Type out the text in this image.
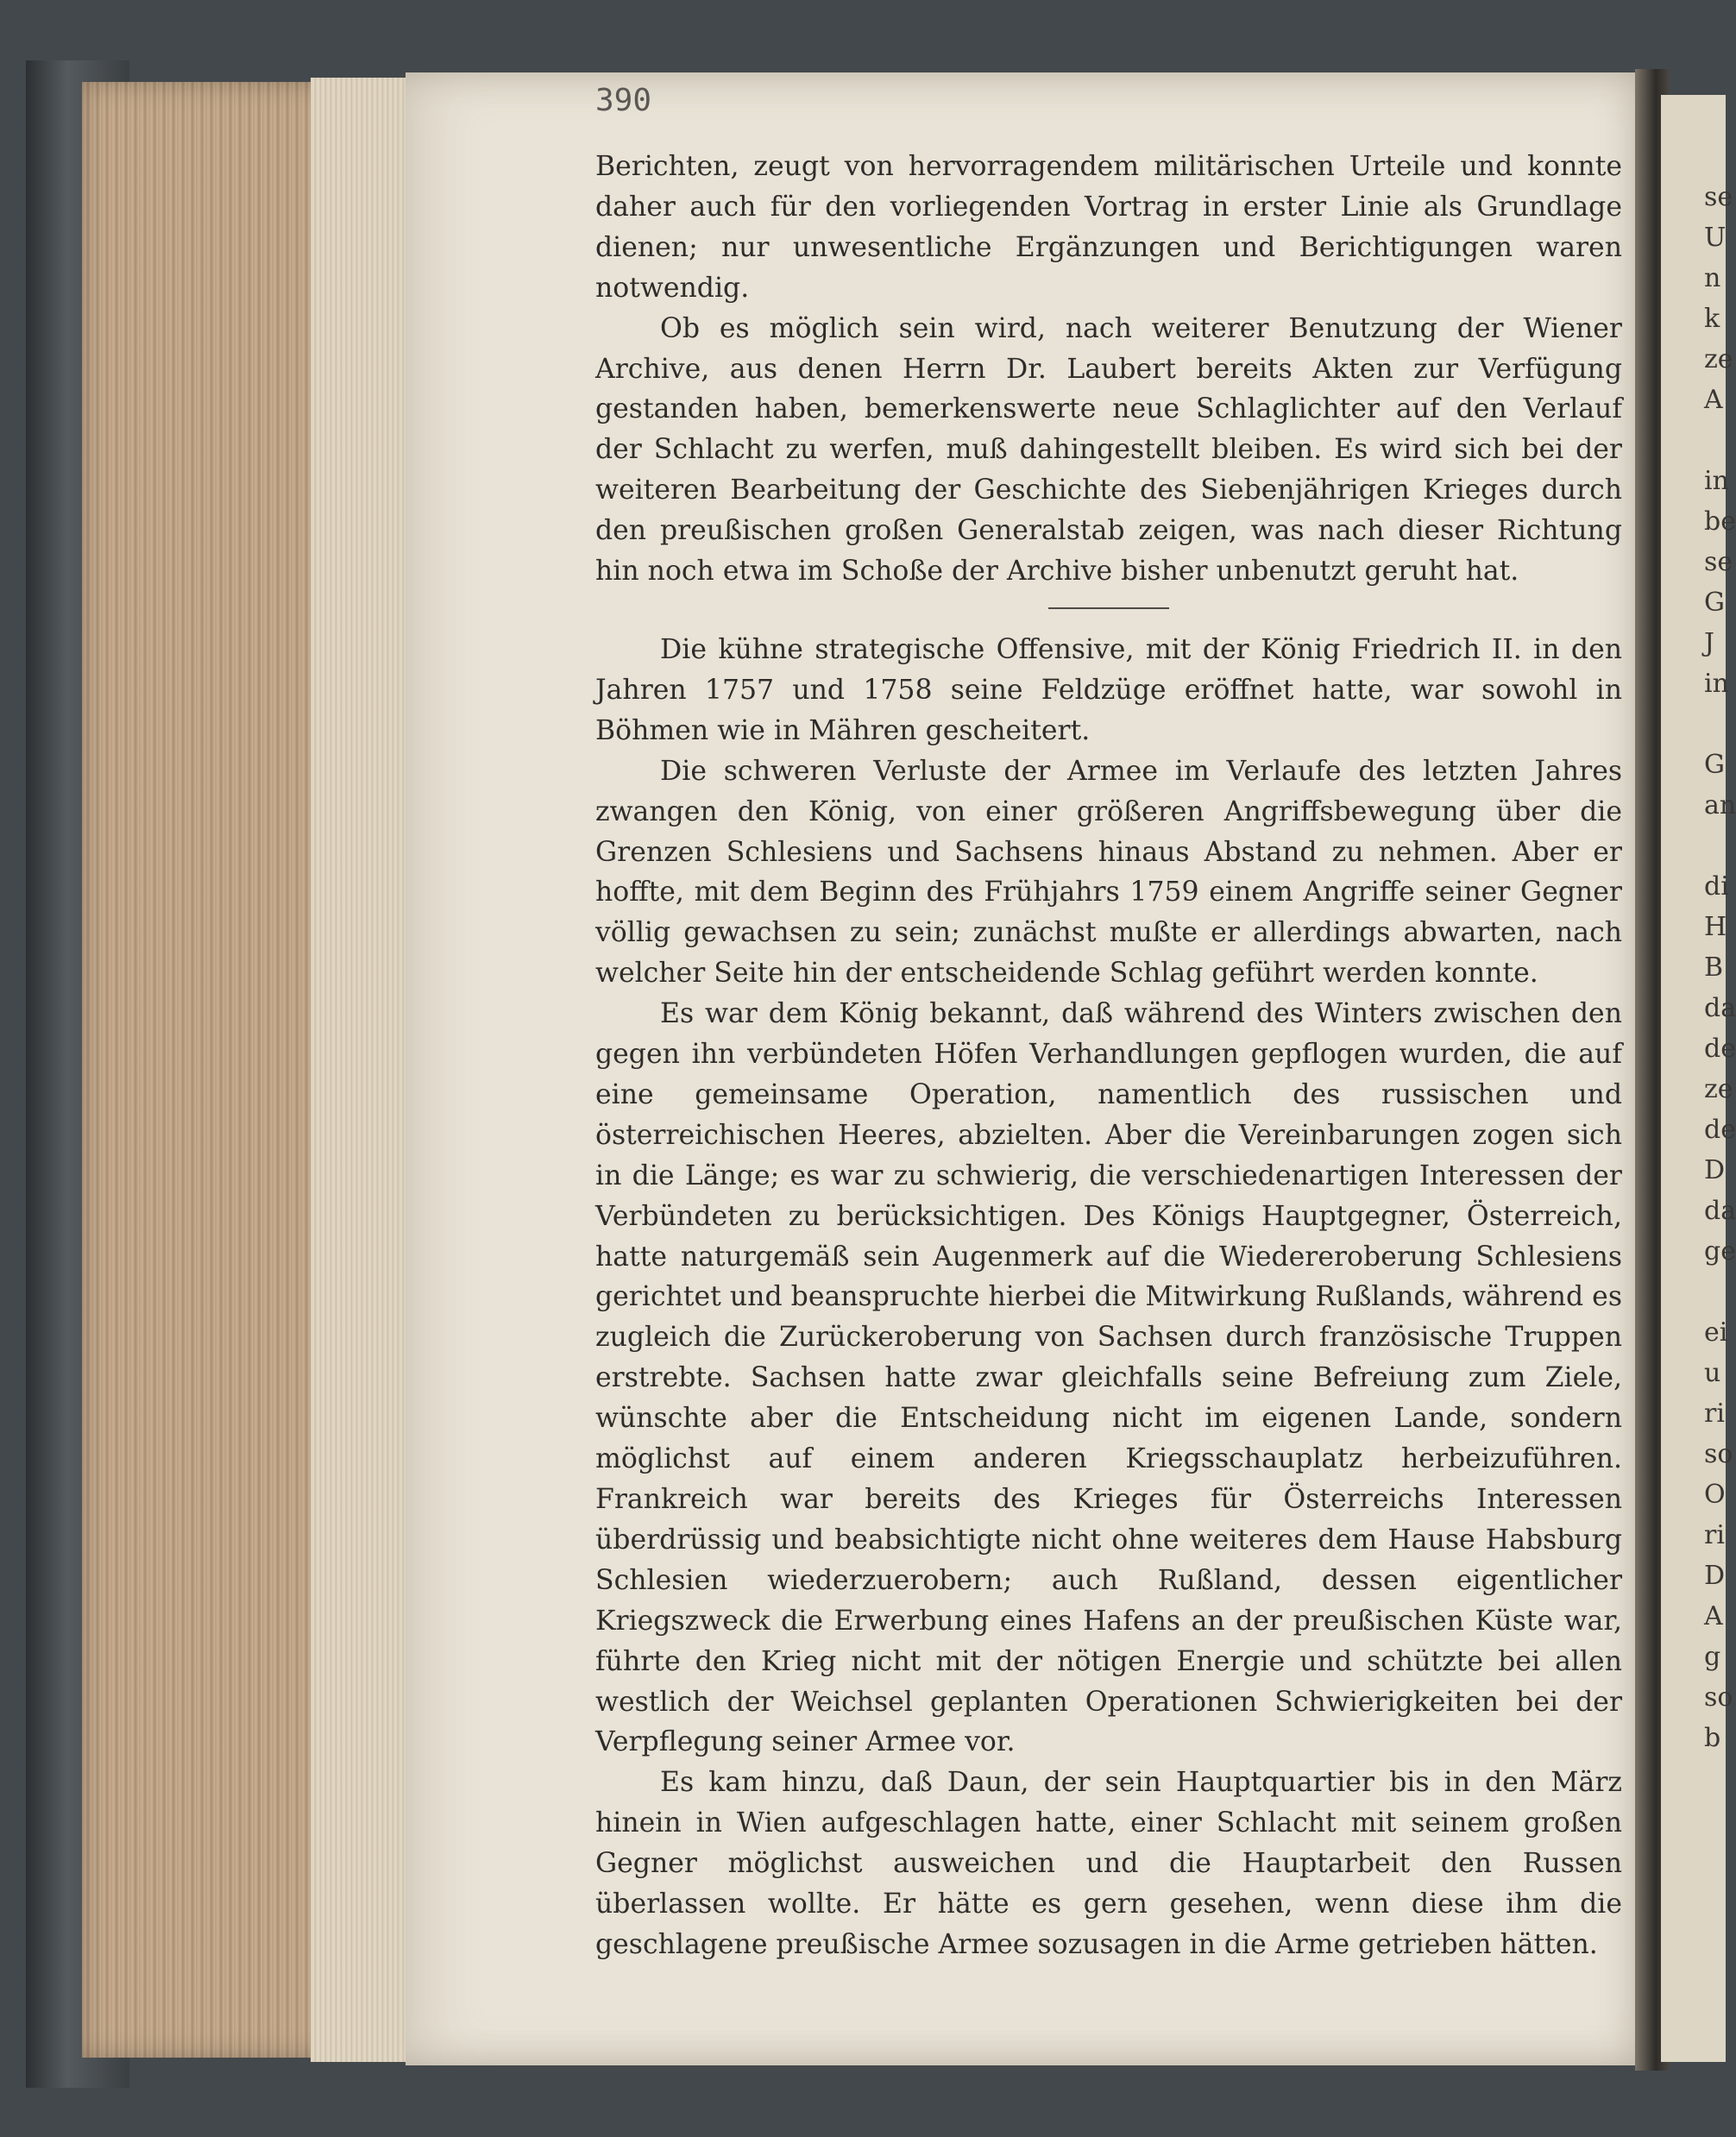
390

Berichten, zeugt von hervorragendem militärischen Urteile und konnte daher auch für den vorliegenden Vortrag in erster Linie als Grundlage dienen; nur unwesentliche Ergänzungen und Berichtigungen waren notwendig.

Ob es möglich sein wird, nach weiterer Benutzung der Wiener Archive, aus denen Herrn Dr. Laubert bereits Akten zur Verfügung gestanden haben, bemerkenswerte neue Schlaglichter auf den Verlauf der Schlacht zu werfen, muß dahingestellt bleiben. Es wird sich bei der weiteren Bearbeitung der Geschichte des Siebenjährigen Krieges durch den preußischen großen Generalstab zeigen, was nach dieser Richtung hin noch etwa im Schoße der Archive bisher unbenutzt geruht hat.

Die kühne strategische Offensive, mit der König Friedrich II. in den Jahren 1757 und 1758 seine Feldzüge eröffnet hatte, war sowohl in Böhmen wie in Mähren gescheitert.

Die schweren Verluste der Armee im Verlaufe des letzten Jahres zwangen den König, von einer größeren Angriffsbewegung über die Grenzen Schlesiens und Sachsens hinaus Abstand zu nehmen. Aber er hoffte, mit dem Beginn des Frühjahrs 1759 einem Angriffe seiner Gegner völlig gewachsen zu sein; zunächst mußte er allerdings abwarten, nach welcher Seite hin der entscheidende Schlag geführt werden konnte.

Es war dem König bekannt, daß während des Winters zwischen den gegen ihn verbündeten Höfen Verhandlungen gepflogen wurden, die auf eine gemeinsame Operation, namentlich des russischen und österreichischen Heeres, abzielten. Aber die Vereinbarungen zogen sich in die Länge; es war zu schwierig, die verschiedenartigen Interessen der Verbündeten zu berücksichtigen. Des Königs Hauptgegner, Österreich, hatte naturgemäß sein Augenmerk auf die Wiedereroberung Schlesiens gerichtet und beanspruchte hierbei die Mitwirkung Rußlands, während es zugleich die Zurückeroberung von Sachsen durch französische Truppen erstrebte. Sachsen hatte zwar gleichfalls seine Befreiung zum Ziele, wünschte aber die Entscheidung nicht im eigenen Lande, sondern möglichst auf einem anderen Kriegsschauplatz herbeizuführen. Frankreich war bereits des Krieges für Österreichs Interessen überdrüssig und beabsichtigte nicht ohne weiteres dem Hause Habsburg Schlesien wiederzuerobern; auch Rußland, dessen eigentlicher Kriegszweck die Erwerbung eines Hafens an der preußischen Küste war, führte den Krieg nicht mit der nötigen Energie und schützte bei allen westlich der Weichsel geplanten Operationen Schwierigkeiten bei der Verpflegung seiner Armee vor.

Es kam hinzu, daß Daun, der sein Hauptquartier bis in den März hinein in Wien aufgeschlagen hatte, einer Schlacht mit seinem großen Gegner möglichst ausweichen und die Hauptarbeit den Russen überlassen wollte. Er hätte es gern gesehen, wenn diese ihm die geschlagene preußische Armee sozusagen in die Arme getrieben hätten.

se
U
n
k
ze
A

in
be
se
G
J
in

G
an

di
H
B
da
de
ze
de
D
da
ge

ei
u
ri
so
O
ri
D
A
g
so
b
